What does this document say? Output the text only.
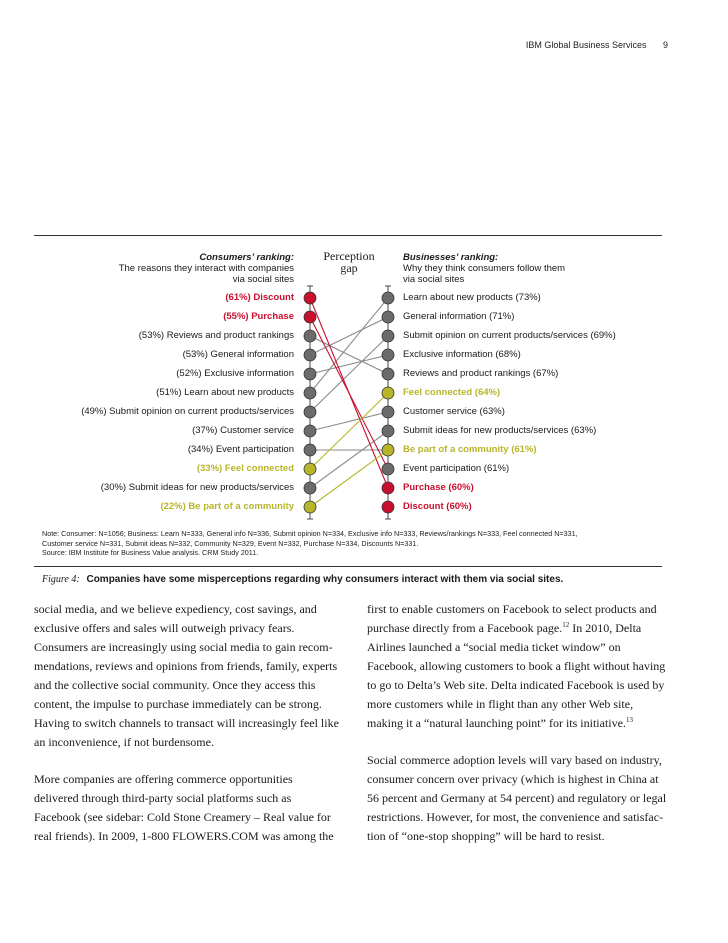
IBM Global Business Services 9
Consumers’ ranking:
The reasons they interact with companies
via social sites
Perception
gap
Businesses’ ranking:
Why they think consumers follow them
via social sites
(61%) Discount
(55%) Purchase
(53%) Reviews and product rankings
(53%) General information
(52%) Exclusive information
(51%) Learn about new products
(49%) Submit opinion on current products/services
(37%) Customer service
(34%) Event participation
(33%) Feel connected
(30%) Submit ideas for new products/services
(22%) Be part of a community
Learn about new products (73%)
General information (71%)
Submit opinion on current products/services (69%)
Exclusive information (68%)
Reviews and product rankings (67%)
Feel connected (64%)
Customer service (63%)
Submit ideas for new products/services (63%)
Be part of a community (61%)
Event participation (61%)
Purchase (60%)
Discount (60%)
Note: Consumer: N=1056; Business: Learn N=333, General info N=336, Submit opinion N=334, Exclusive info N=333, Reviews/rankings N=333, Feel connected N=331,
Customer service N=331, Submit ideas N=332, Community N=329, Event N=332, Purchase N=334, Discounts N=331.
Source: IBM Institute for Business Value analysis. CRM Study 2011.
Figure 4: Companies have some misperceptions regarding why consumers interact with them via social sites.

social media, and we believe expediency, cost savings, and exclusive offers and sales will outweigh privacy fears. Consumers are increasingly using social media to gain recom-mendations, reviews and opinions from friends, family, experts and the collective social community. Once they access this content, the impulse to purchase immediately can be strong. Having to switch channels to transact will increasingly feel like an inconvenience, if not burdensome.

More companies are offering commerce opportunities delivered through third-party social platforms such as Facebook (see sidebar: Cold Stone Creamery – Real value for real friends). In 2009, 1-800 FLOWERS.COM was among the

first to enable customers on Facebook to select products and purchase directly from a Facebook page.$^{12}$ In 2010, Delta Airlines launched a “social media ticket window” on Facebook, allowing customers to book a flight without having to go to Delta’s Web site. Delta indicated Facebook is used by more customers while in flight than any other Web site, making it a “natural launching point” for its initiative.$^{13}$

Social commerce adoption levels will vary based on industry, consumer concern over privacy (which is highest in China at 56 percent and Germany at 54 percent) and regulatory or legal restrictions. However, for most, the convenience and satisfac-tion of “one-stop shopping” will be hard to resist.
